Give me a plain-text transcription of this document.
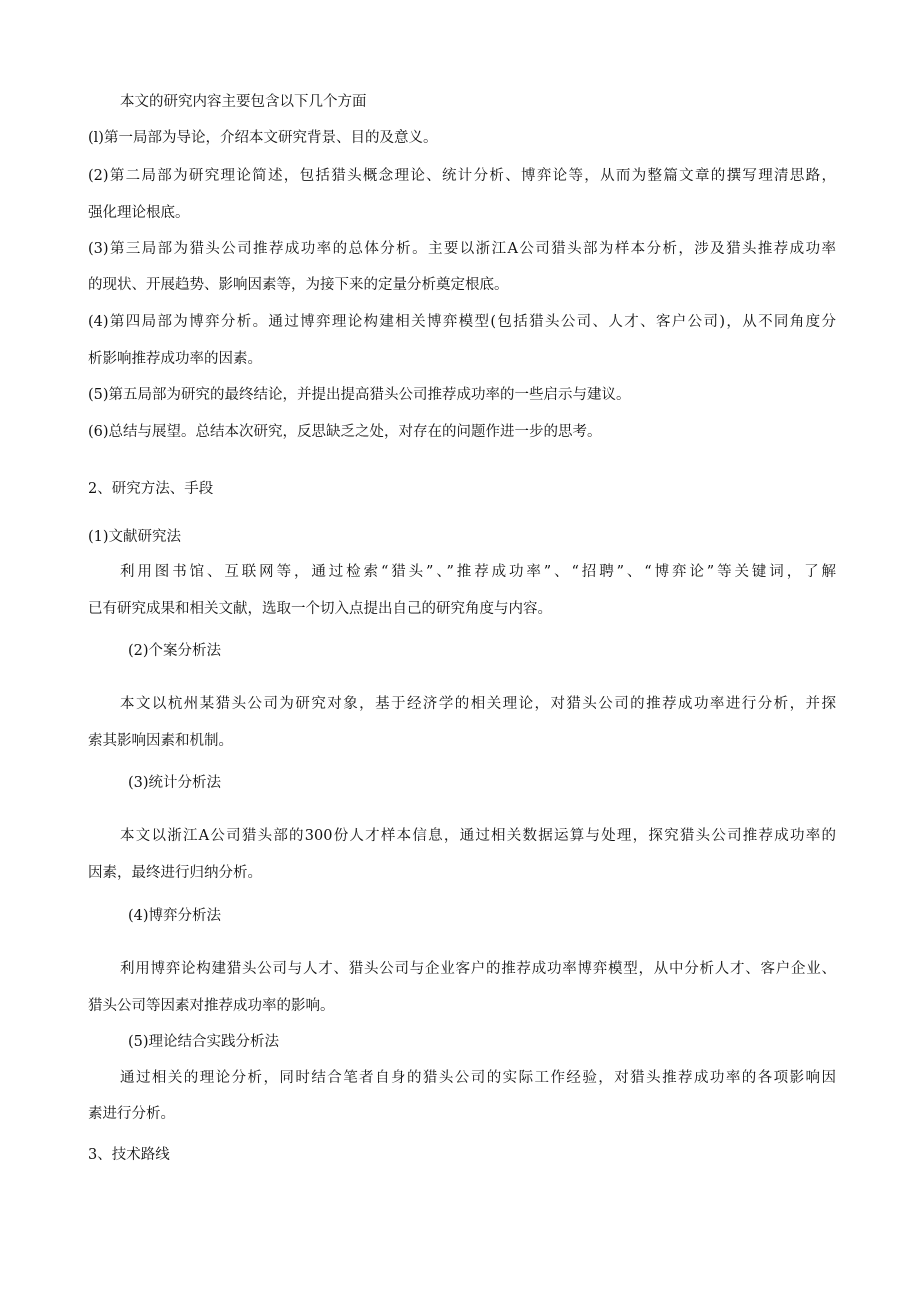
本文的研究内容主要包含以下几个方面
(l)第一局部为导论，介绍本文研究背景、目的及意义。
(2)第二局部为研究理论简述，包括猎头概念理论、统计分析、博弈论等，从而为整篇文章的撰写理清思路，
强化理论根底。
(3)第三局部为猎头公司推荐成功率的总体分析。主要以浙江A公司猎头部为样本分析，涉及猎头推荐成功率
的现状、开展趋势、影响因素等，为接下来的定量分析奠定根底。
(4)第四局部为博弈分析。通过博弈理论构建相关博弈模型(包括猎头公司、人才、客户公司)，从不同角度分
析影响推荐成功率的因素。
(5)第五局部为研究的最终结论，并提出提高猎头公司推荐成功率的一些启示与建议。
(6)总结与展望。总结本次研究，反思缺乏之处，对存在的问题作进一步的思考。
2、研究方法、手段
(1)文献研究法
利用图书馆、互联网等，通过检索“猎头”、”推荐成功率”、“招聘”、“博弈论”等关键词，了解
已有研究成果和相关文献，选取一个切入点提出自己的研究角度与内容。
(2)个案分析法
本文以杭州某猎头公司为研究对象，基于经济学的相关理论，对猎头公司的推荐成功率进行分析，并探
索其影响因素和机制。
(3)统计分析法
本文以浙江A公司猎头部的300份人才样本信息，通过相关数据运算与处理，探究猎头公司推荐成功率的
因素，最终进行归纳分析。
(4)博弈分析法
利用博弈论构建猎头公司与人才、猎头公司与企业客户的推荐成功率博弈模型，从中分析人才、客户企业、
猎头公司等因素对推荐成功率的影响。
(5)理论结合实践分析法
通过相关的理论分析，同时结合笔者自身的猎头公司的实际工作经验，对猎头推荐成功率的各项影响因
素进行分析。
3、技术路线
